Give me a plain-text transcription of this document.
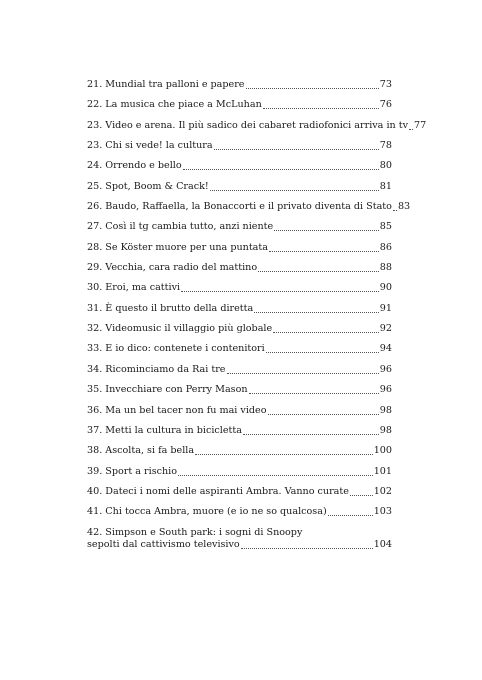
21. Mundial tra palloni e papere	73
22. La musica che piace a McLuhan	76
23. Video e arena. Il più sadico dei cabaret radiofonici arriva in tv 77
23. Chi si vede! la cultura	78
24. Orrendo e bello	80
25. Spot, Boom & Crack!	81
26. Baudo, Raffaella, la Bonaccorti e il privato diventa di Stato 83
27. Così il tg cambia tutto, anzi niente	85
28. Se Köster muore per una puntata	86
29. Vecchia, cara radio del mattino	88
30. Eroi, ma cattivi	90
31. È questo il brutto della diretta	91
32. Videomusic il villaggio più globale	92
33. E io dico: contenete i contenitori	94
34. Ricominciamo da Rai tre	96
35. Invecchiare con Perry Mason	96
36. Ma un bel tacer non fu mai video	98
37. Metti la cultura in bicicletta	98
38. Ascolta, si fa bella	100
39. Sport a rischio	101
40. Dateci i nomi delle aspiranti Ambra. Vanno curate	102
41. Chi tocca Ambra, muore (e io ne so qualcosa)	103
42. Simpson e South park: i sogni di Snoopy
sepolti dal cattivismo televisivo	104
